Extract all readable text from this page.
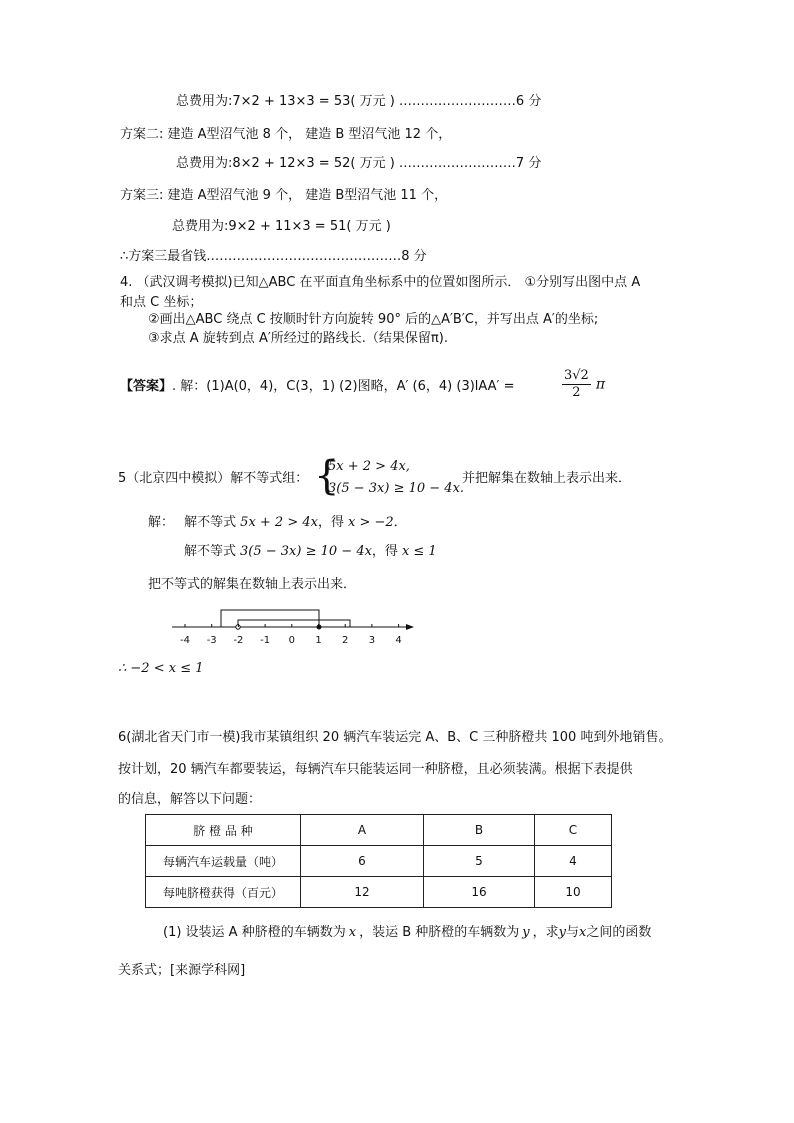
总费用为:7×2 + 13×3 = 53( 万元 ) ………………………6 分
方案二: 建造 A型沼气池 8 个， 建造 B 型沼气池 12 个，
总费用为:8×2 + 12×3 = 52( 万元 ) ………………………7 分
方案三: 建造 A型沼气池 9 个， 建造 B型沼气池 11 个，
总费用为:9×2 + 11×3 = 51( 万元 )
∴方案三最省钱………………………………………8 分
4. （武汉调考模拟)已知△ABC 在平面直角坐标系中的位置如图所示． ①分别写出图中点 A
和点 C 坐标；
②画出△ABC 绕点 C 按顺时针方向旋转 90° 后的△A′B′C，并写出点 A′的坐标;
③求点 A 旋转到点 A′所经过的路线长.（结果保留π).
【答案】. 解：(1)A(0，4)，C(3，1) (2)图略，A′ (6，4) (3)lAA′ =	$\frac{3√2}{2}$ π
5（北京四中模拟）解不等式组： {
5x + 2 > 4x,
3(5 − 3x) ≥ 10 − 4x.
并把解集在数轴上表示出来．
解： 解不等式 5x + 2 > 4x，得 x > −2．
解不等式 3(5 − 3x) ≥ 10 − 4x，得 x ≤ 1
把不等式的解集在数轴上表示出来．
-4 -3 -2 -1 0 1 2 3 4
∴ −2 < x ≤ 1
6(湖北省天门市一模)我市某镇组织 20 辆汽车装运完 A、B、C 三种脐橙共 100 吨到外地销售。
按计划，20 辆汽车都要装运，每辆汽车只能装运同一种脐橙，且必须装满。根据下表提供
的信息，解答以下问题：
脐 橙 品 种	A	B	C
每辆汽车运载量（吨）	6	5	4
每吨脐橙获得（百元）	12	16	10
(1) 设装运 A 种脐橙的车辆数为 x ，装运 B 种脐橙的车辆数为 y ，求y与x之间的函数
关系式；[来源学科网]
